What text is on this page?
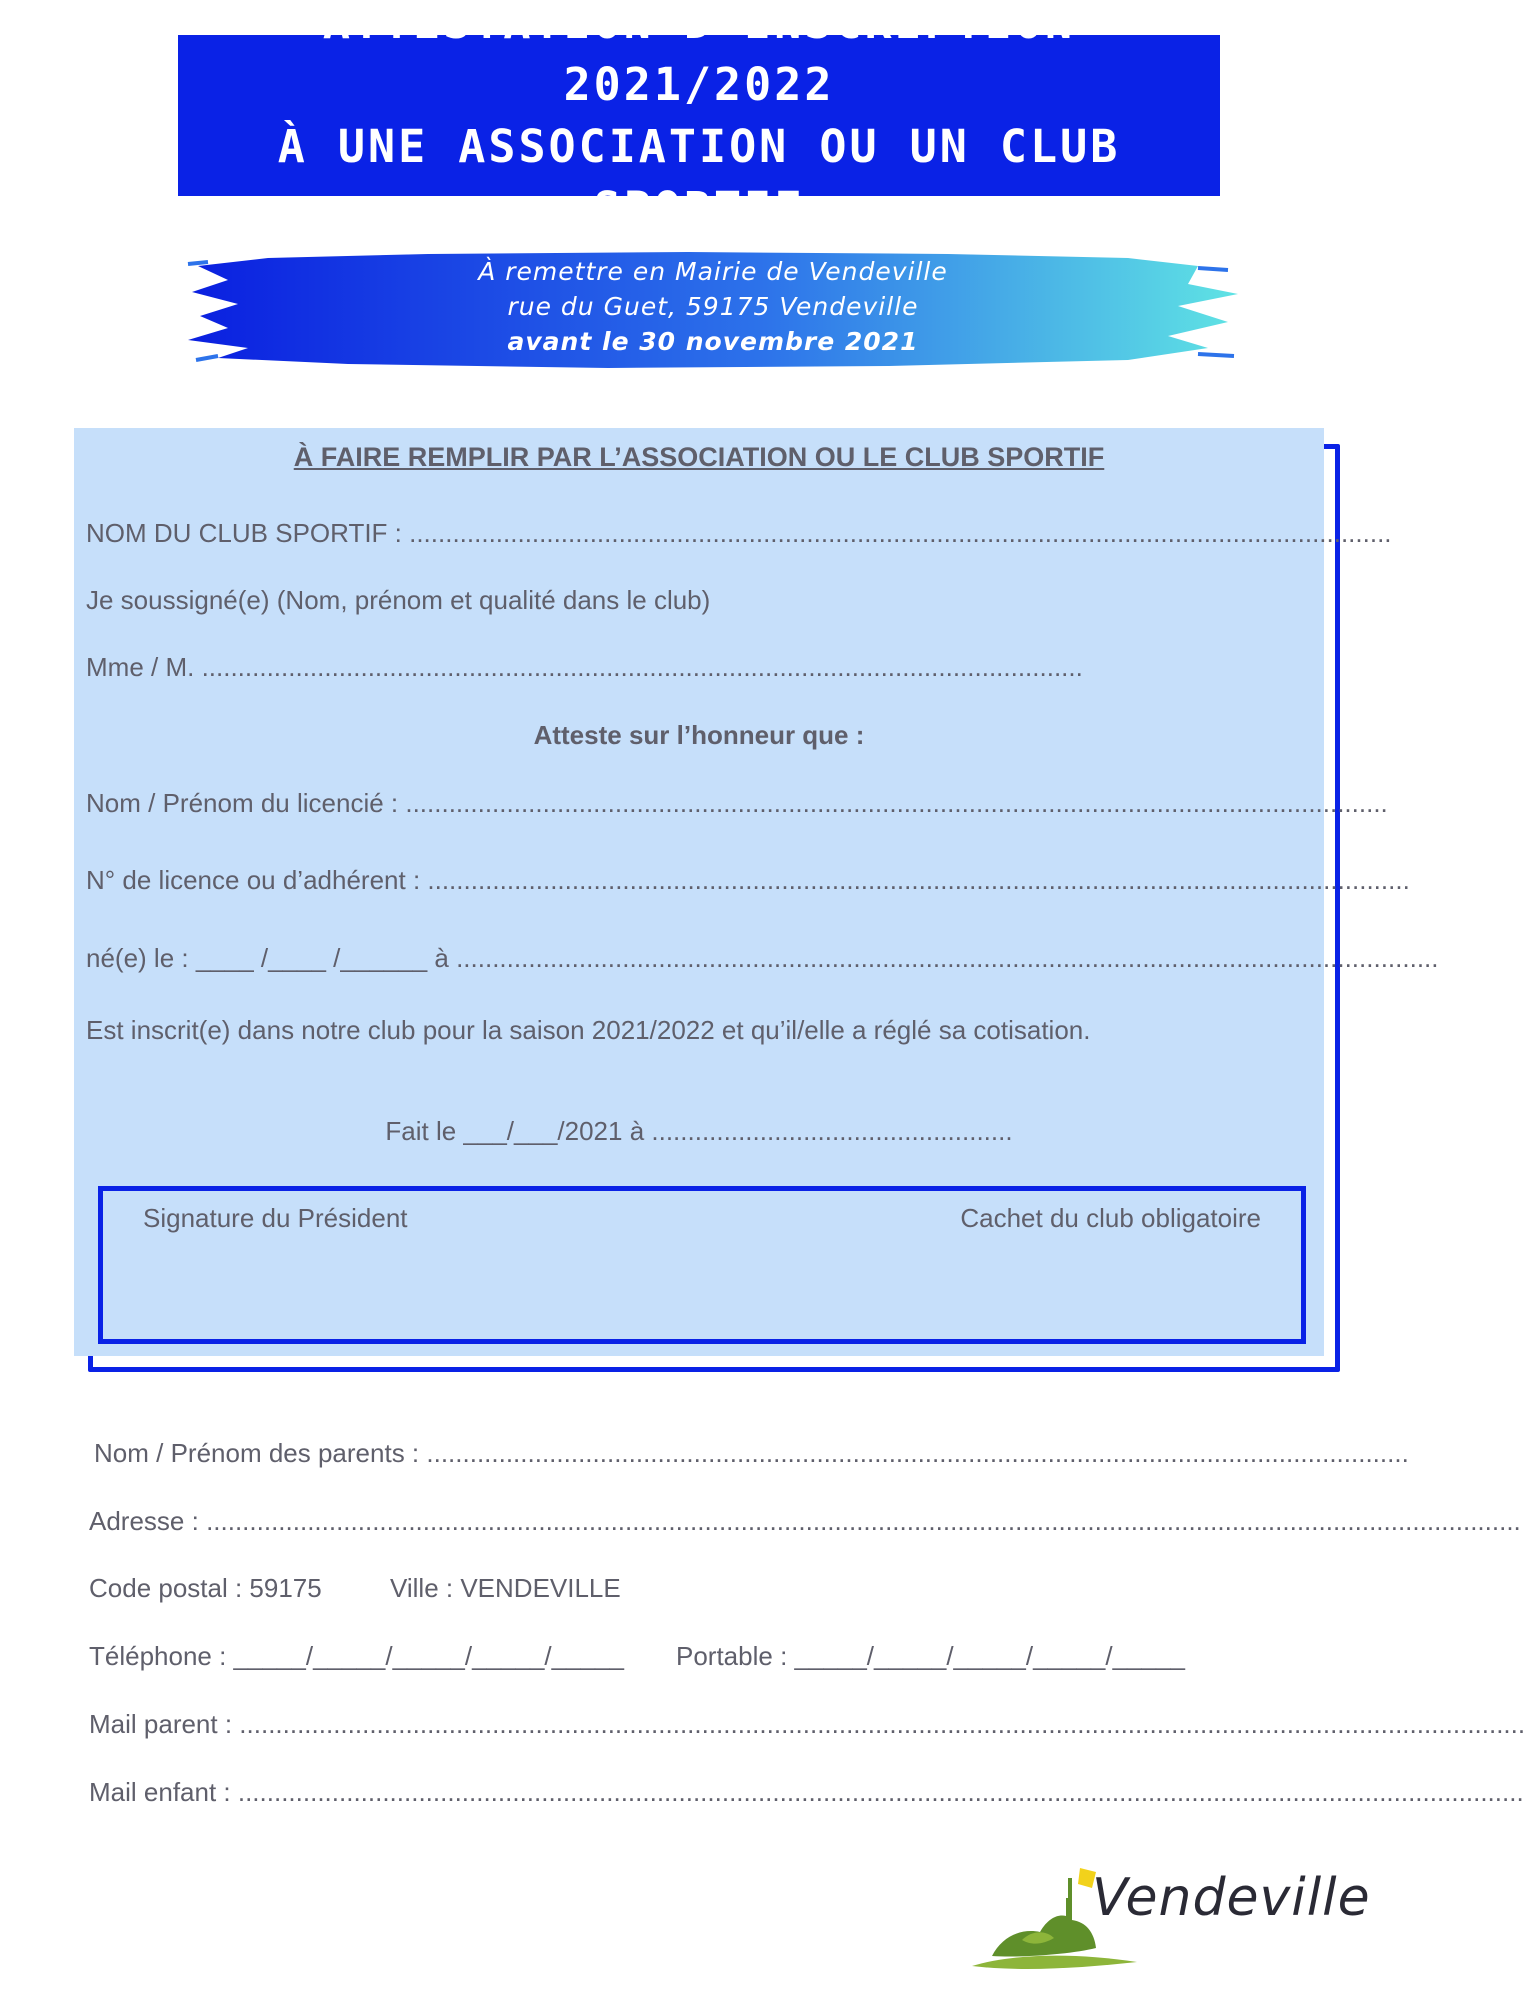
ATTESTATION D’INSCRIPTION 2021/2022
À UNE ASSOCIATION OU UN CLUB SPORTIF
À remettre en Mairie de Vendeville
rue du Guet, 59175 Vendeville
avant le 30 novembre 2021
À FAIRE REMPLIR PAR L’ASSOCIATION OU LE CLUB SPORTIF
NOM DU CLUB SPORTIF : ........................................................................................................................................
Je soussigné(e) (Nom, prénom et qualité dans le club)
Mme / M. ..........................................................................................................................
Atteste sur l’honneur que :
Nom / Prénom du licencié : ........................................................................................................................................
N° de licence ou d’adhérent : ........................................................................................................................................
né(e) le : ____ /____ /______ à ........................................................................................................................................
Est inscrit(e) dans notre club pour la saison 2021/2022 et qu’il/elle a réglé sa cotisation.
Fait le ___/___/2021 à ..................................................
Signature du Président	Cachet du club obligatoire
Nom / Prénom des parents : ........................................................................................................................................
Adresse : ......................................................................................................................................................................................
Code postal : 59175	Ville : VENDEVILLE
Téléphone : _____/_____/_____/_____/_____ Portable : _____/_____/_____/_____/_____
Mail parent : ..................................................................................................................................................................................
Mail enfant : ..................................................................................................................................................................................
Vendeville
